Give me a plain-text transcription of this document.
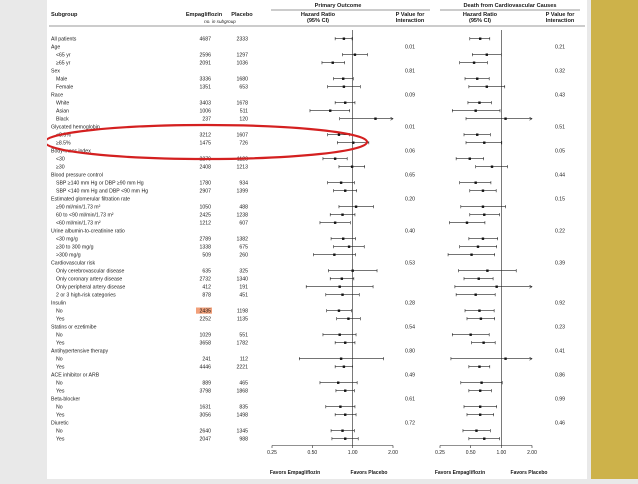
Subgroup	Empagliflozin Placebo
no. in subgroup
Primary Outcome
Hazard Ratio
(95% CI)
P Value for
Interaction
Death from Cardiovascular Causes
Hazard Ratio
(95% CI)
P Value for
Interaction
All patients	4687	2333
Age	0.01	0.21
<65 yr	2596	1297
≥65 yr	2091	1036
Sex	0.81	0.32
Male	3336	1680
Female	1351	653
Race	0.09	0.43
White	3403	1678
Asian	1006	511
Black	237	120
Glycated hemoglobin	0.01	0.51
<8.5%	3212	1607
≥8.5%	1475	726
Body-mass index	0.06	0.05
<30	2279	1120
≥30	2408	1213
Blood pressure control	0.65	0.44
SBP ≥140 mm Hg or DBP ≥90 mm Hg	1780	934
SBP <140 mm Hg and DBP <90 mm Hg	2907	1399
Estimated glomerular filtration rate	0.20	0.15
≥90 ml/min/1.73 m²	1050	488
60 to <90 ml/min/1.73 m²	2425	1238
<60 ml/min/1.73 m²	1212	607
Urine albumin-to-creatinine ratio	0.40	0.22
<30 mg/g	2789	1382
≥30 to 300 mg/g	1338	675
>300 mg/g	509	260
Cardiovascular risk	0.53	0.39
Only cerebrovascular disease	635	325
Only coronary artery disease	2732	1340
Only peripheral artery disease	412	191
2 or 3 high-risk categories	878	451
Insulin	0.28	0.92
No	2435	1198
Yes	2252	1135
Statins or ezetimibe	0.54	0.23
No	1029	551
Yes	3658	1782
Antihypertensive therapy	0.80	0.41
No	241	112
Yes	4446	2221
ACE inhibitor or ARB	0.49	0.86
No	889	465
Yes	3798	1868
Beta-blocker	0.61	0.99
No	1631	835
Yes	3056	1498
Diuretic	0.72	0.46
No	2640	1345
Yes	2047	988
0.25	0.50	1.00	2.00	0.25	0.50	1.00	2.00
Favors Empagliflozin	Favors Placebo	Favors Empagliflozin	Favors Placebo
